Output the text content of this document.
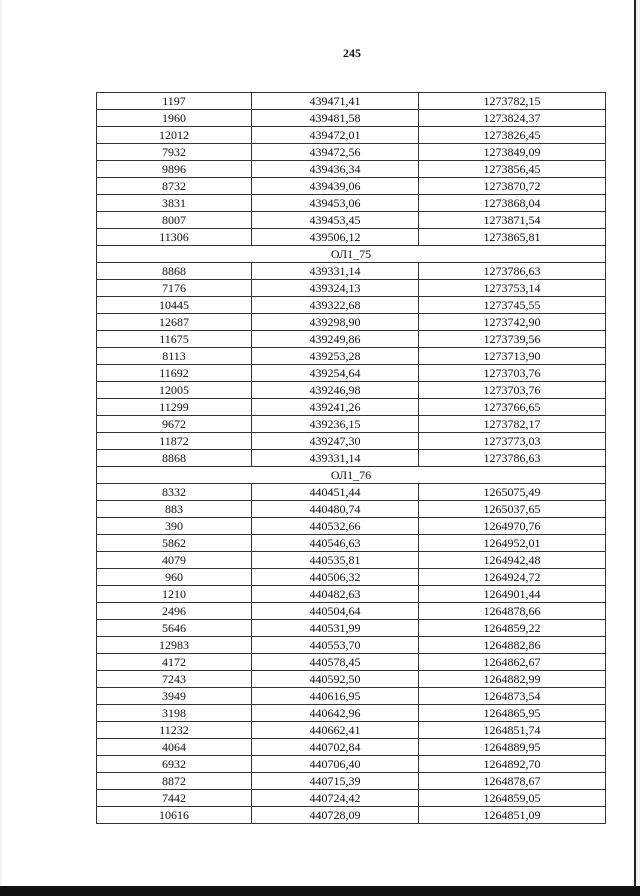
245
1197	439471,41	1273782,15
1960	439481,58	1273824,37
12012	439472,01	1273826,45
7932	439472,56	1273849,09
9896	439436,34	1273856,45
8732	439439,06	1273870,72
3831	439453,06	1273868,04
8007	439453,45	1273871,54
11306	439506,12	1273865,81
ОЛ1_75		
8868	439331,14	1273786,63
7176	439324,13	1273753,14
10445	439322,68	1273745,55
12687	439298,90	1273742,90
11675	439249,86	1273739,56
8113	439253,28	1273713,90
11692	439254,64	1273703,76
12005	439246,98	1273703,76
11299	439241,26	1273766,65
9672	439236,15	1273782,17
11872	439247,30	1273773,03
8868	439331,14	1273786,63
ОЛ1_76		
8332	440451,44	1265075,49
883	440480,74	1265037,65
390	440532,66	1264970,76
5862	440546,63	1264952,01
4079	440535,81	1264942,48
960	440506,32	1264924,72
1210	440482,63	1264901,44
2496	440504,64	1264878,66
5646	440531,99	1264859,22
12983	440553,70	1264882,86
4172	440578,45	1264862,67
7243	440592,50	1264882,99
3949	440616,95	1264873,54
3198	440642,96	1264865,95
11232	440662,41	1264851,74
4064	440702,84	1264889,95
6932	440706,40	1264892,70
8872	440715,39	1264878,67
7442	440724,42	1264859,05
10616	440728,09	1264851,09
